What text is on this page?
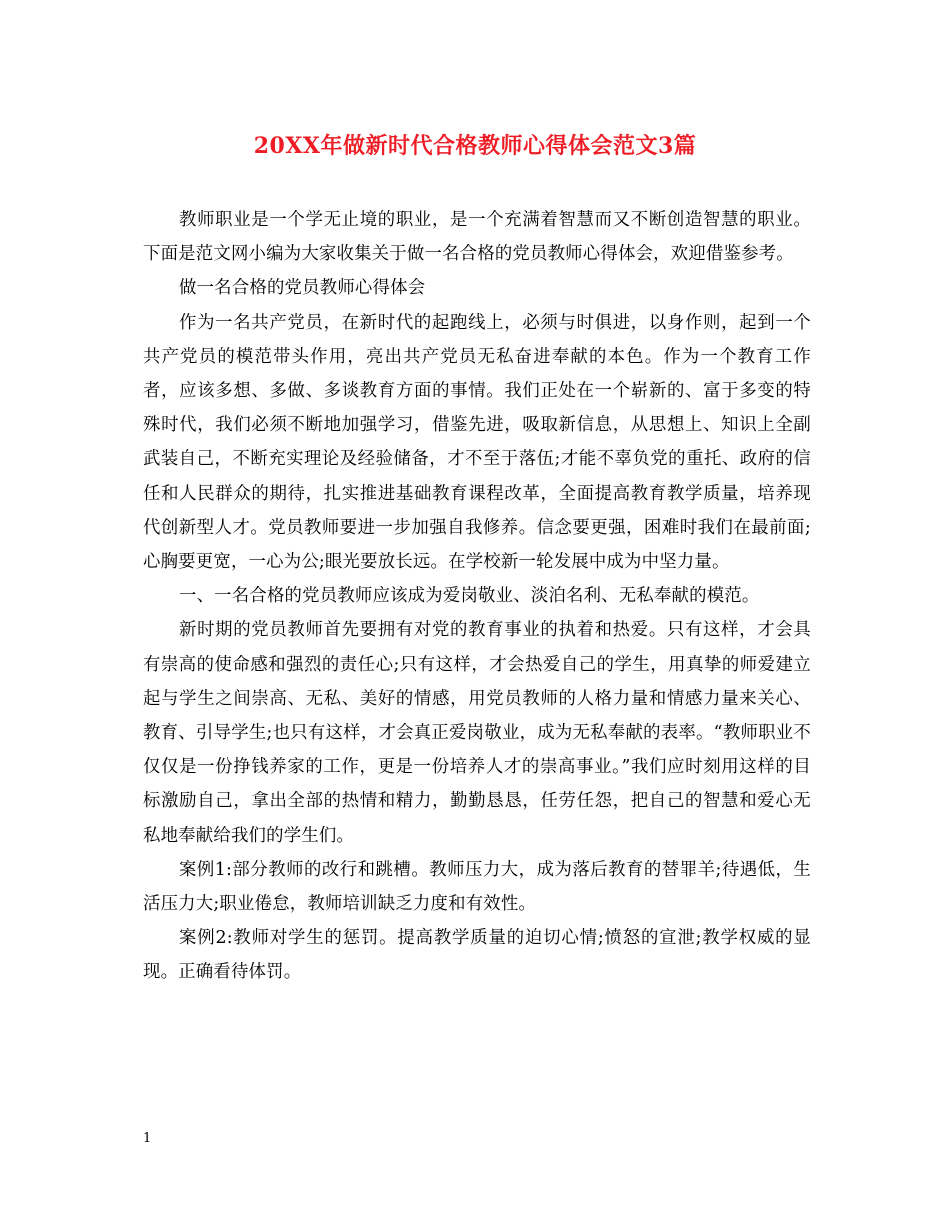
20XX年做新时代合格教师心得体会范文3篇

教师职业是一个学无止境的职业，是一个充满着智慧而又不断创造智慧的职业。下面是范文网小编为大家收集关于做一名合格的党员教师心得体会，欢迎借鉴参考。

做一名合格的党员教师心得体会

作为一名共产党员，在新时代的起跑线上，必须与时俱进，以身作则，起到一个共产党员的模范带头作用，亮出共产党员无私奋进奉献的本色。作为一个教育工作者，应该多想、多做、多谈教育方面的事情。我们正处在一个崭新的、富于多变的特殊时代，我们必须不断地加强学习，借鉴先进，吸取新信息，从思想上、知识上全副武装自己，不断充实理论及经验储备，才不至于落伍;才能不辜负党的重托、政府的信任和人民群众的期待，扎实推进基础教育课程改革，全面提高教育教学质量，培养现代创新型人才。党员教师要进一步加强自我修养。信念要更强，困难时我们在最前面;心胸要更宽，一心为公;眼光要放长远。在学校新一轮发展中成为中坚力量。

一、一名合格的党员教师应该成为爱岗敬业、淡泊名利、无私奉献的模范。

新时期的党员教师首先要拥有对党的教育事业的执着和热爱。只有这样，才会具有崇高的使命感和强烈的责任心;只有这样，才会热爱自己的学生，用真挚的师爱建立起与学生之间崇高、无私、美好的情感，用党员教师的人格力量和情感力量来关心、教育、引导学生;也只有这样，才会真正爱岗敬业，成为无私奉献的表率。“教师职业不仅仅是一份挣钱养家的工作，更是一份培养人才的崇高事业。”我们应时刻用这样的目标激励自己，拿出全部的热情和精力，勤勤恳恳，任劳任怨，把自己的智慧和爱心无私地奉献给我们的学生们。

案例1:部分教师的改行和跳槽。教师压力大，成为落后教育的替罪羊;待遇低，生活压力大;职业倦怠，教师培训缺乏力度和有效性。

案例2:教师对学生的惩罚。提高教学质量的迫切心情;愤怒的宣泄;教学权威的显现。正确看待体罚。

1
